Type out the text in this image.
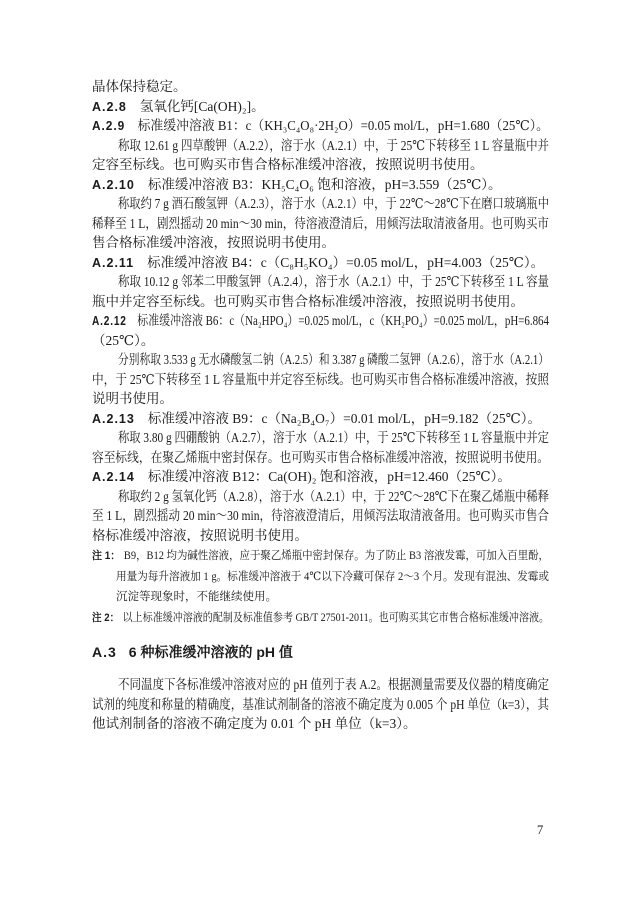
晶体保持稳定。
A.2.8 氢氧化钙[Ca(OH)₂]。
A.2.9 标准缓冲溶液 B1：c（KH₃C₄O₈·2H₂O）=0.05 mol/L，pH=1.680（25℃）。
称取 12.61 g 四草酸钾（A.2.2），溶于水（A.2.1）中，于 25℃下转移至 1 L 容量瓶中并
定容至标线。也可购买市售合格标准缓冲溶液，按照说明书使用。
A.2.10 标准缓冲溶液 B3：KH₅C₄O₆ 饱和溶液，pH=3.559（25℃）。
称取约 7 g 酒石酸氢钾（A.2.3），溶于水（A.2.1）中，于 22℃～28℃下在磨口玻璃瓶中
稀释至 1 L，剧烈摇动 20 min～30 min，待溶液澄清后，用倾泻法取清液备用。也可购买市
售合格标准缓冲溶液，按照说明书使用。
A.2.11 标准缓冲溶液 B4：c（C₈H₅KO₄）=0.05 mol/L，pH=4.003（25℃）。
称取 10.12 g 邻苯二甲酸氢钾（A.2.4），溶于水（A.2.1）中，于 25℃下转移至 1 L 容量
瓶中并定容至标线。也可购买市售合格标准缓冲溶液，按照说明书使用。
A.2.12 标准缓冲溶液 B6：c（Na₂HPO₄）=0.025 mol/L，c（KH₂PO₄）=0.025 mol/L，pH=6.864
（25℃）。
分别称取 3.533 g 无水磷酸氢二钠（A.2.5）和 3.387 g 磷酸二氢钾（A.2.6），溶于水（A.2.1）
中，于 25℃下转移至 1 L 容量瓶中并定容至标线。也可购买市售合格标准缓冲溶液，按照
说明书使用。
A.2.13 标准缓冲溶液 B9：c（Na₂B₄O₇）=0.01 mol/L，pH=9.182（25℃）。
称取 3.80 g 四硼酸钠（A.2.7），溶于水（A.2.1）中，于 25℃下转移至 1 L 容量瓶中并定
容至标线，在聚乙烯瓶中密封保存。也可购买市售合格标准缓冲溶液，按照说明书使用。
A.2.14 标准缓冲溶液 B12：Ca(OH)₂ 饱和溶液，pH=12.460（25℃）。
称取约 2 g 氢氧化钙（A.2.8），溶于水（A.2.1）中，于 22℃～28℃下在聚乙烯瓶中稀释
至 1 L，剧烈摇动 20 min～30 min，待溶液澄清后，用倾泻法取清液备用。也可购买市售合
格标准缓冲溶液，按照说明书使用。
注 1： B9，B12 均为碱性溶液，应于聚乙烯瓶中密封保存。为了防止 B3 溶液发霉，可加入百里酚，
用量为每升溶液加 1 g。标准缓冲溶液于 4℃以下冷藏可保存 2～3 个月。发现有混浊、发霉或
沉淀等现象时，不能继续使用。
注 2： 以上标准缓冲溶液的配制及标准值参考 GB/T 27501-2011。也可购买其它市售合格标准缓冲溶液。
A.3 6 种标准缓冲溶液的 pH 值
不同温度下各标准缓冲溶液对应的 pH 值列于表 A.2。根据测量需要及仪器的精度确定
试剂的纯度和称量的精确度，基准试剂制备的溶液不确定度为 0.005 个 pH 单位（k=3），其
他试剂制备的溶液不确定度为 0.01 个 pH 单位（k=3）。
7
